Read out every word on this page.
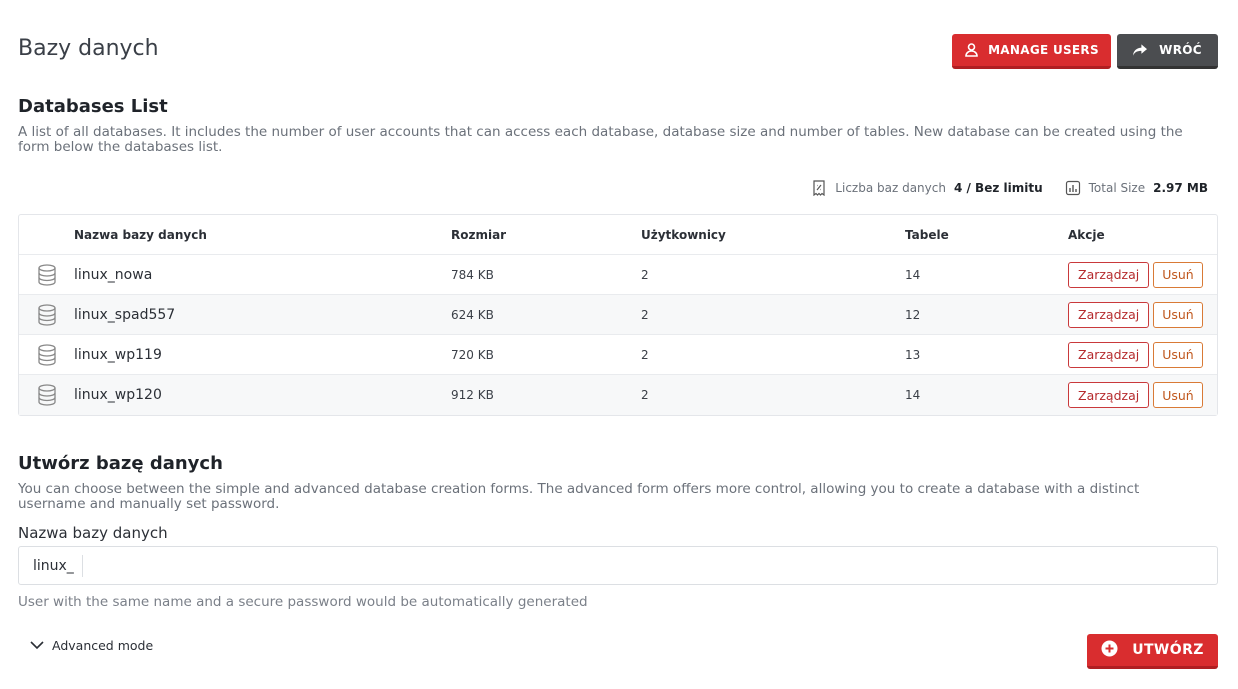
Bazy danych	MANAGE USERS	WRÓĆ
Databases List

A list of all databases. It includes the number of user accounts that can access each database, database size and number of tables. New database can be created using the form below the databases list.

Liczba baz danych 4 / Bez limitu	Total Size 2.97 MB
Nazwa bazy danych	Rozmiar	Użytkownicy	Tabele	Akcje
linux_nowa	784 KB	2	14	Zarządzaj	Usuń
linux_spad557	624 KB	2	12	Zarządzaj	Usuń
linux_wp119	720 KB	2	13	Zarządzaj	Usuń
linux_wp120	912 KB	2	14	Zarządzaj	Usuń
Utwórz bazę danych

You can choose between the simple and advanced database creation forms. The advanced form offers more control, allowing you to create a database with a distinct username and manually set password.

Nazwa bazy danych
linux_

User with the same name and a secure password would be automatically generated

Advanced mode	UTWÓRZ
